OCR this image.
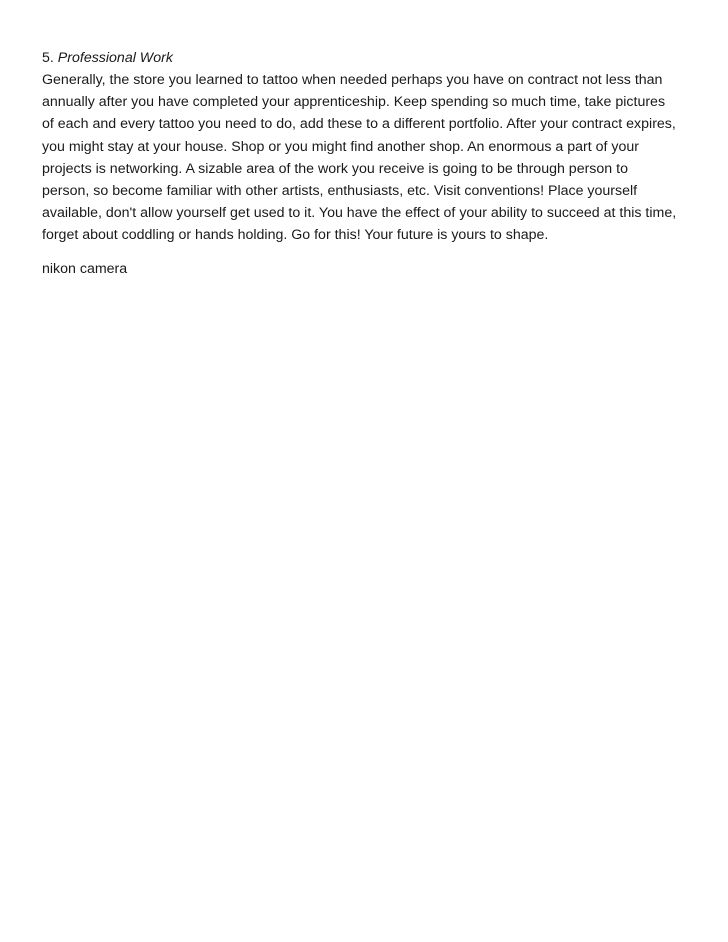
5. Professional Work
Generally, the store you learned to tattoo when needed perhaps you have on contract not less than
annually after you have completed your apprenticeship. Keep spending so much time, take pictures
of each and every tattoo you need to do, add these to a different portfolio. After your contract expires,
you might stay at your house. Shop or you might find another shop. An enormous a part of your
projects is networking. A sizable area of the work you receive is going to be through person to
person, so become familiar with other artists, enthusiasts, etc. Visit conventions! Place yourself
available, don't allow yourself get used to it. You have the effect of your ability to succeed at this time,
forget about coddling or hands holding. Go for this! Your future is yours to shape.
nikon camera
